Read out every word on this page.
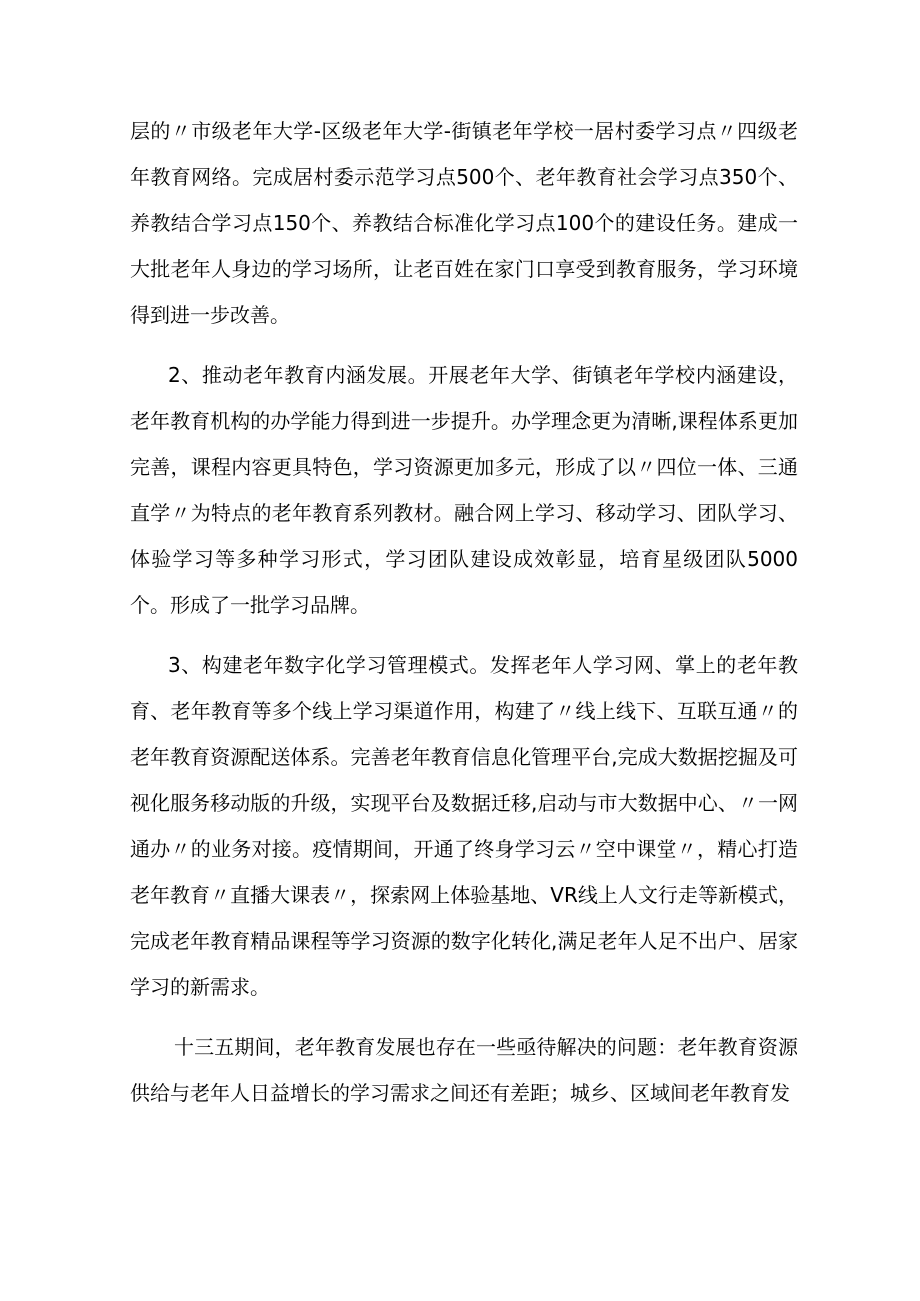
层的〃市级老年大学-区级老年大学-街镇老年学校一居村委学习点〃四级老年教育网络。完成居村委示范学习点500个、老年教育社会学习点350个、养教结合学习点150个、养教结合标准化学习点100个的建设任务。建成一大批老年人身边的学习场所，让老百姓在家门口享受到教育服务，学习环境得到进一步改善。

2、推动老年教育内涵发展。开展老年大学、街镇老年学校内涵建设，老年教育机构的办学能力得到进一步提升。办学理念更为清晰,课程体系更加完善，课程内容更具特色，学习资源更加多元，形成了以〃四位一体、三通直学〃为特点的老年教育系列教材。融合网上学习、移动学习、团队学习、体验学习等多种学习形式，学习团队建设成效彰显，培育星级团队5000个。形成了一批学习品牌。

3、构建老年数字化学习管理模式。发挥老年人学习网、掌上的老年教育、老年教育等多个线上学习渠道作用，构建了〃线上线下、互联互通〃的老年教育资源配送体系。完善老年教育信息化管理平台,完成大数据挖掘及可视化服务移动版的升级，实现平台及数据迁移,启动与市大数据中心、〃一网通办〃的业务对接。疫情期间，开通了终身学习云〃空中课堂〃，精心打造老年教育〃直播大课表〃，探索网上体验基地、VR线上人文行走等新模式，完成老年教育精品课程等学习资源的数字化转化,满足老年人足不出户、居家学习的新需求。

十三五期间，老年教育发展也存在一些亟待解决的问题：老年教育资源供给与老年人日益增长的学习需求之间还有差距；城乡、区域间老年教育发
